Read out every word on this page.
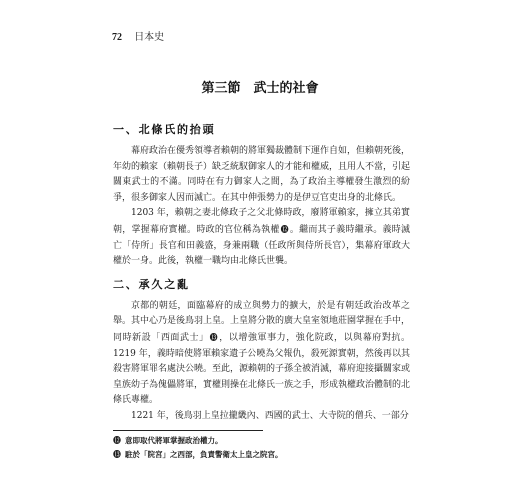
72 日本史
第三節　武士的社會
一、北條氏的抬頭

幕府政治在優秀領導者賴朝的將軍獨裁體制下運作自如，但賴朝死後，年幼的賴家（賴朝長子）缺乏統馭御家人的才能和權威，且用人不當，引起關東武士的不滿。同時在有力御家人之間，為了政治主導權發生激烈的紛爭，很多御家人因而滅亡。在其中伸張勢力的是伊豆官吏出身的北條氏。

1203 年，賴朝之妻北條政子之父北條時政，廢將軍賴家，擁立其弟實朝，掌握幕府實權。時政的官位稱為執權⓬。繼而其子義時繼承。義時滅亡「侍所」長官和田義盛，身兼兩職（任政所與侍所長官），集幕府軍政大權於一身。此後，執權一職均由北條氏世襲。

二、承久之亂

京都的朝廷，面臨幕府的成立與勢力的擴大，於是有朝廷政治改革之舉。其中心乃是後鳥羽上皇。上皇將分散的廣大皇室領地莊園掌握在手中，同時新設「西面武士」⓭，以增強軍事力，強化院政，以與幕府對抗。1219 年，義時暗使將軍賴家遺子公曉為父報仇，殺死源實朝，然後再以其殺害將軍罪名處決公曉。至此，源賴朝的子孫全被消滅，幕府迎接攝關家或皇族幼子為傀儡將軍，實權則操在北條氏一族之手，形成執權政治體制的北條氏專權。

1221 年，後鳥羽上皇拉攏畿內、西國的武士、大寺院的僧兵、一部分

⓬ 意即取代將軍掌握政治權力。
⓭ 駐於「院宮」之西部，負責警衛太上皇之院宮。
